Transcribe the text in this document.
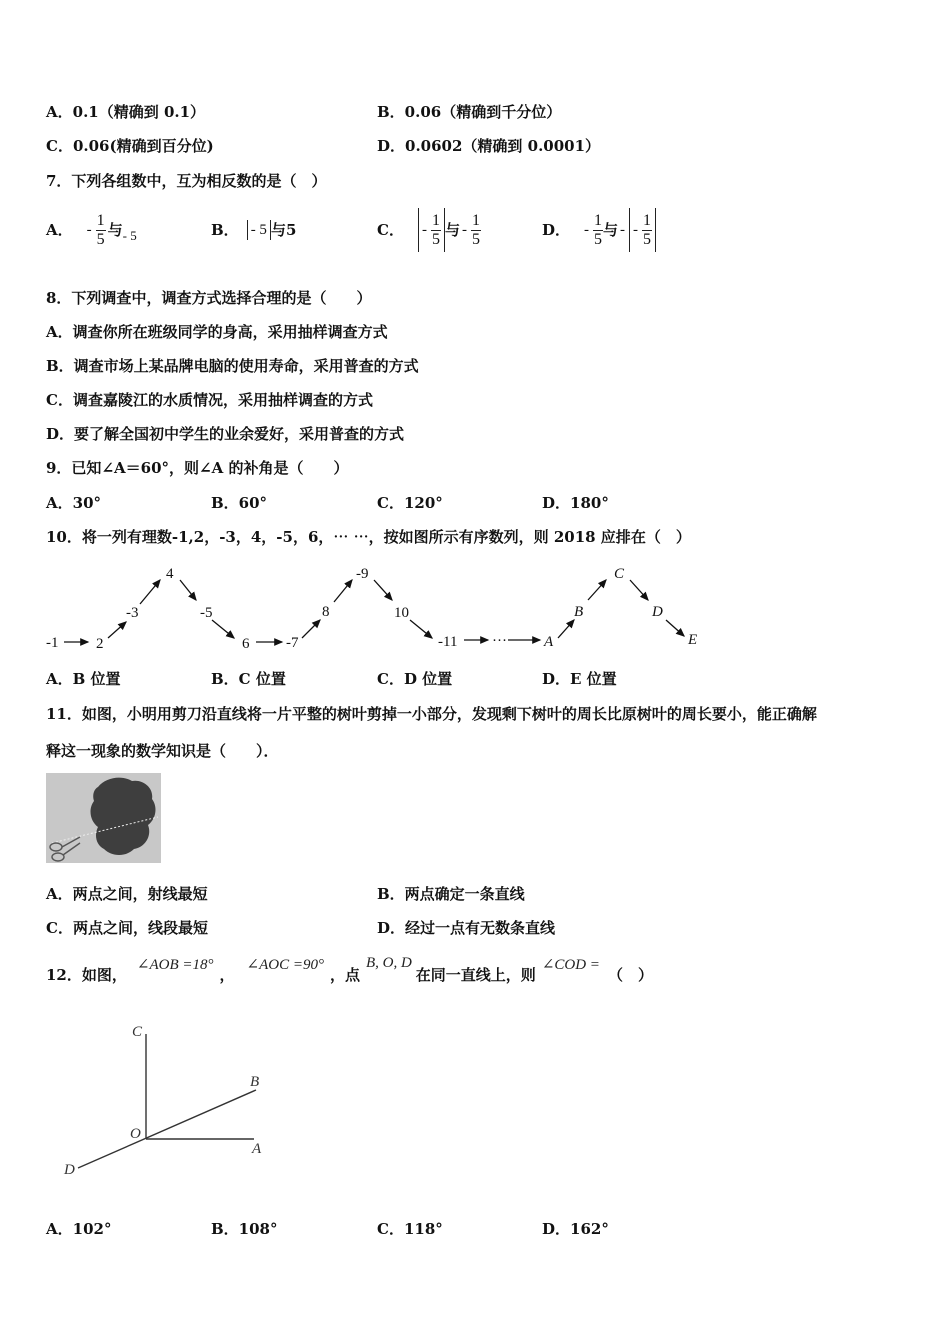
A．0.1（精确到 0.1）	B．0.06（精确到千分位）
C．0.06(精确到百分位)	D．0.0602（精确到 0.0001）
7．下列各组数中，互为相反数的是（　）
A． - $\frac{1}{5}$ 与 - 5	B． - 5 与 5	C． - $\frac{1}{5}$ 与 - $\frac{1}{5}$	D． - $\frac{1}{5}$ 与 - - $\frac{1}{5}$
8．下列调查中，调查方式选择合理的是（　　）
A．调查你所在班级同学的身高，采用抽样调查方式
B．调查市场上某品牌电脑的使用寿命，采用普查的方式
C．调查嘉陵江的水质情况，采用抽样调查的方式
D．要了解全国初中学生的业余爱好，采用普查的方式
9．已知∠A＝60°，则∠A 的补角是（　　）
A．30°	B．60°	C．120°	D．180°
10．将一列有理数-1,2，-3，4，-5，6，⋯ ⋯，按如图所示有序数列，则 2018 应排在（　）
-1	2
-3
4
-5
6 -7
8
-9
10
-11 ··· A
B
C
D
E
A．B 位置	B．C 位置	C．D 位置	D．E 位置
11．如图，小明用剪刀沿直线将一片平整的树叶剪掉一小部分，发现剩下树叶的周长比原树叶的周长要小，能正确解
释这一现象的数学知识是（　　）．
A．两点之间，射线最短	B．两点确定一条直线
C．两点之间，线段最短	D．经过一点有无数条直线
12．如图，
∠AOB =18°
，
∠AOC =90°
，点
B, O, D
在同一直线上，则
∠COD =
（　）
C
B
O
A
D
A．102°	B．108°	C．118°	D．162°
